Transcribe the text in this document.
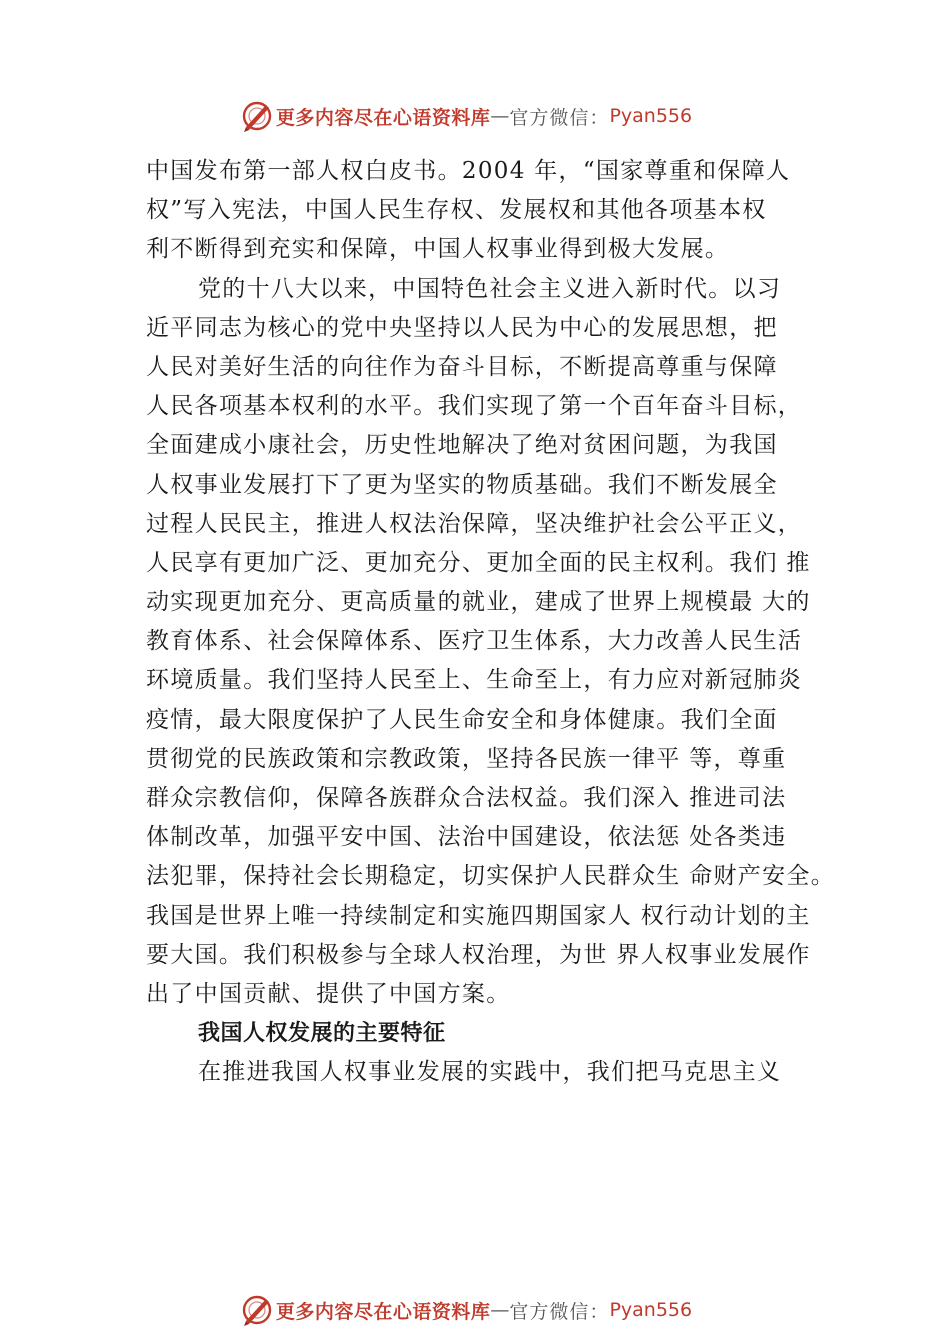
更多内容尽在心语资料库 — 官方微信： Pyan556
中国发布第一部人权白皮书。2004 年，“国家尊重和保障人
权”写入宪法，中国人民生存权、发展权和其他各项基本权
利不断得到充实和保障，中国人权事业得到极大发展。
党的十八大以来，中国特色社会主义进入新时代。以习
近平同志为核心的党中央坚持以人民为中心的发展思想，把
人民对美好生活的向往作为奋斗目标，不断提高尊重与保障
人民各项基本权利的水平。我们实现了第一个百年奋斗目标，
全面建成小康社会，历史性地解决了绝对贫困问题，为我国
人权事业发展打下了更为坚实的物质基础。我们不断发展全
过程人民民主，推进人权法治保障，坚决维护社会公平正义，
人民享有更加广泛、更加充分、更加全面的民主权利。我们 推
动实现更加充分、更高质量的就业，建成了世界上规模最 大的
教育体系、社会保障体系、医疗卫生体系，大力改善人民生活
环境质量。我们坚持人民至上、生命至上，有力应对新冠肺炎
疫情，最大限度保护了人民生命安全和身体健康。我们全面
贯彻党的民族政策和宗教政策，坚持各民族一律平 等，尊重
群众宗教信仰，保障各族群众合法权益。我们深入 推进司法
体制改革，加强平安中国、法治中国建设，依法惩 处各类违
法犯罪，保持社会长期稳定，切实保护人民群众生 命财产安全。
我国是世界上唯一持续制定和实施四期国家人 权行动计划的主
要大国。我们积极参与全球人权治理，为世 界人权事业发展作
出了中国贡献、提供了中国方案。
我国人权发展的主要特征
在推进我国人权事业发展的实践中，我们把马克思主义
更多内容尽在心语资料库 — 官方微信： Pyan556
